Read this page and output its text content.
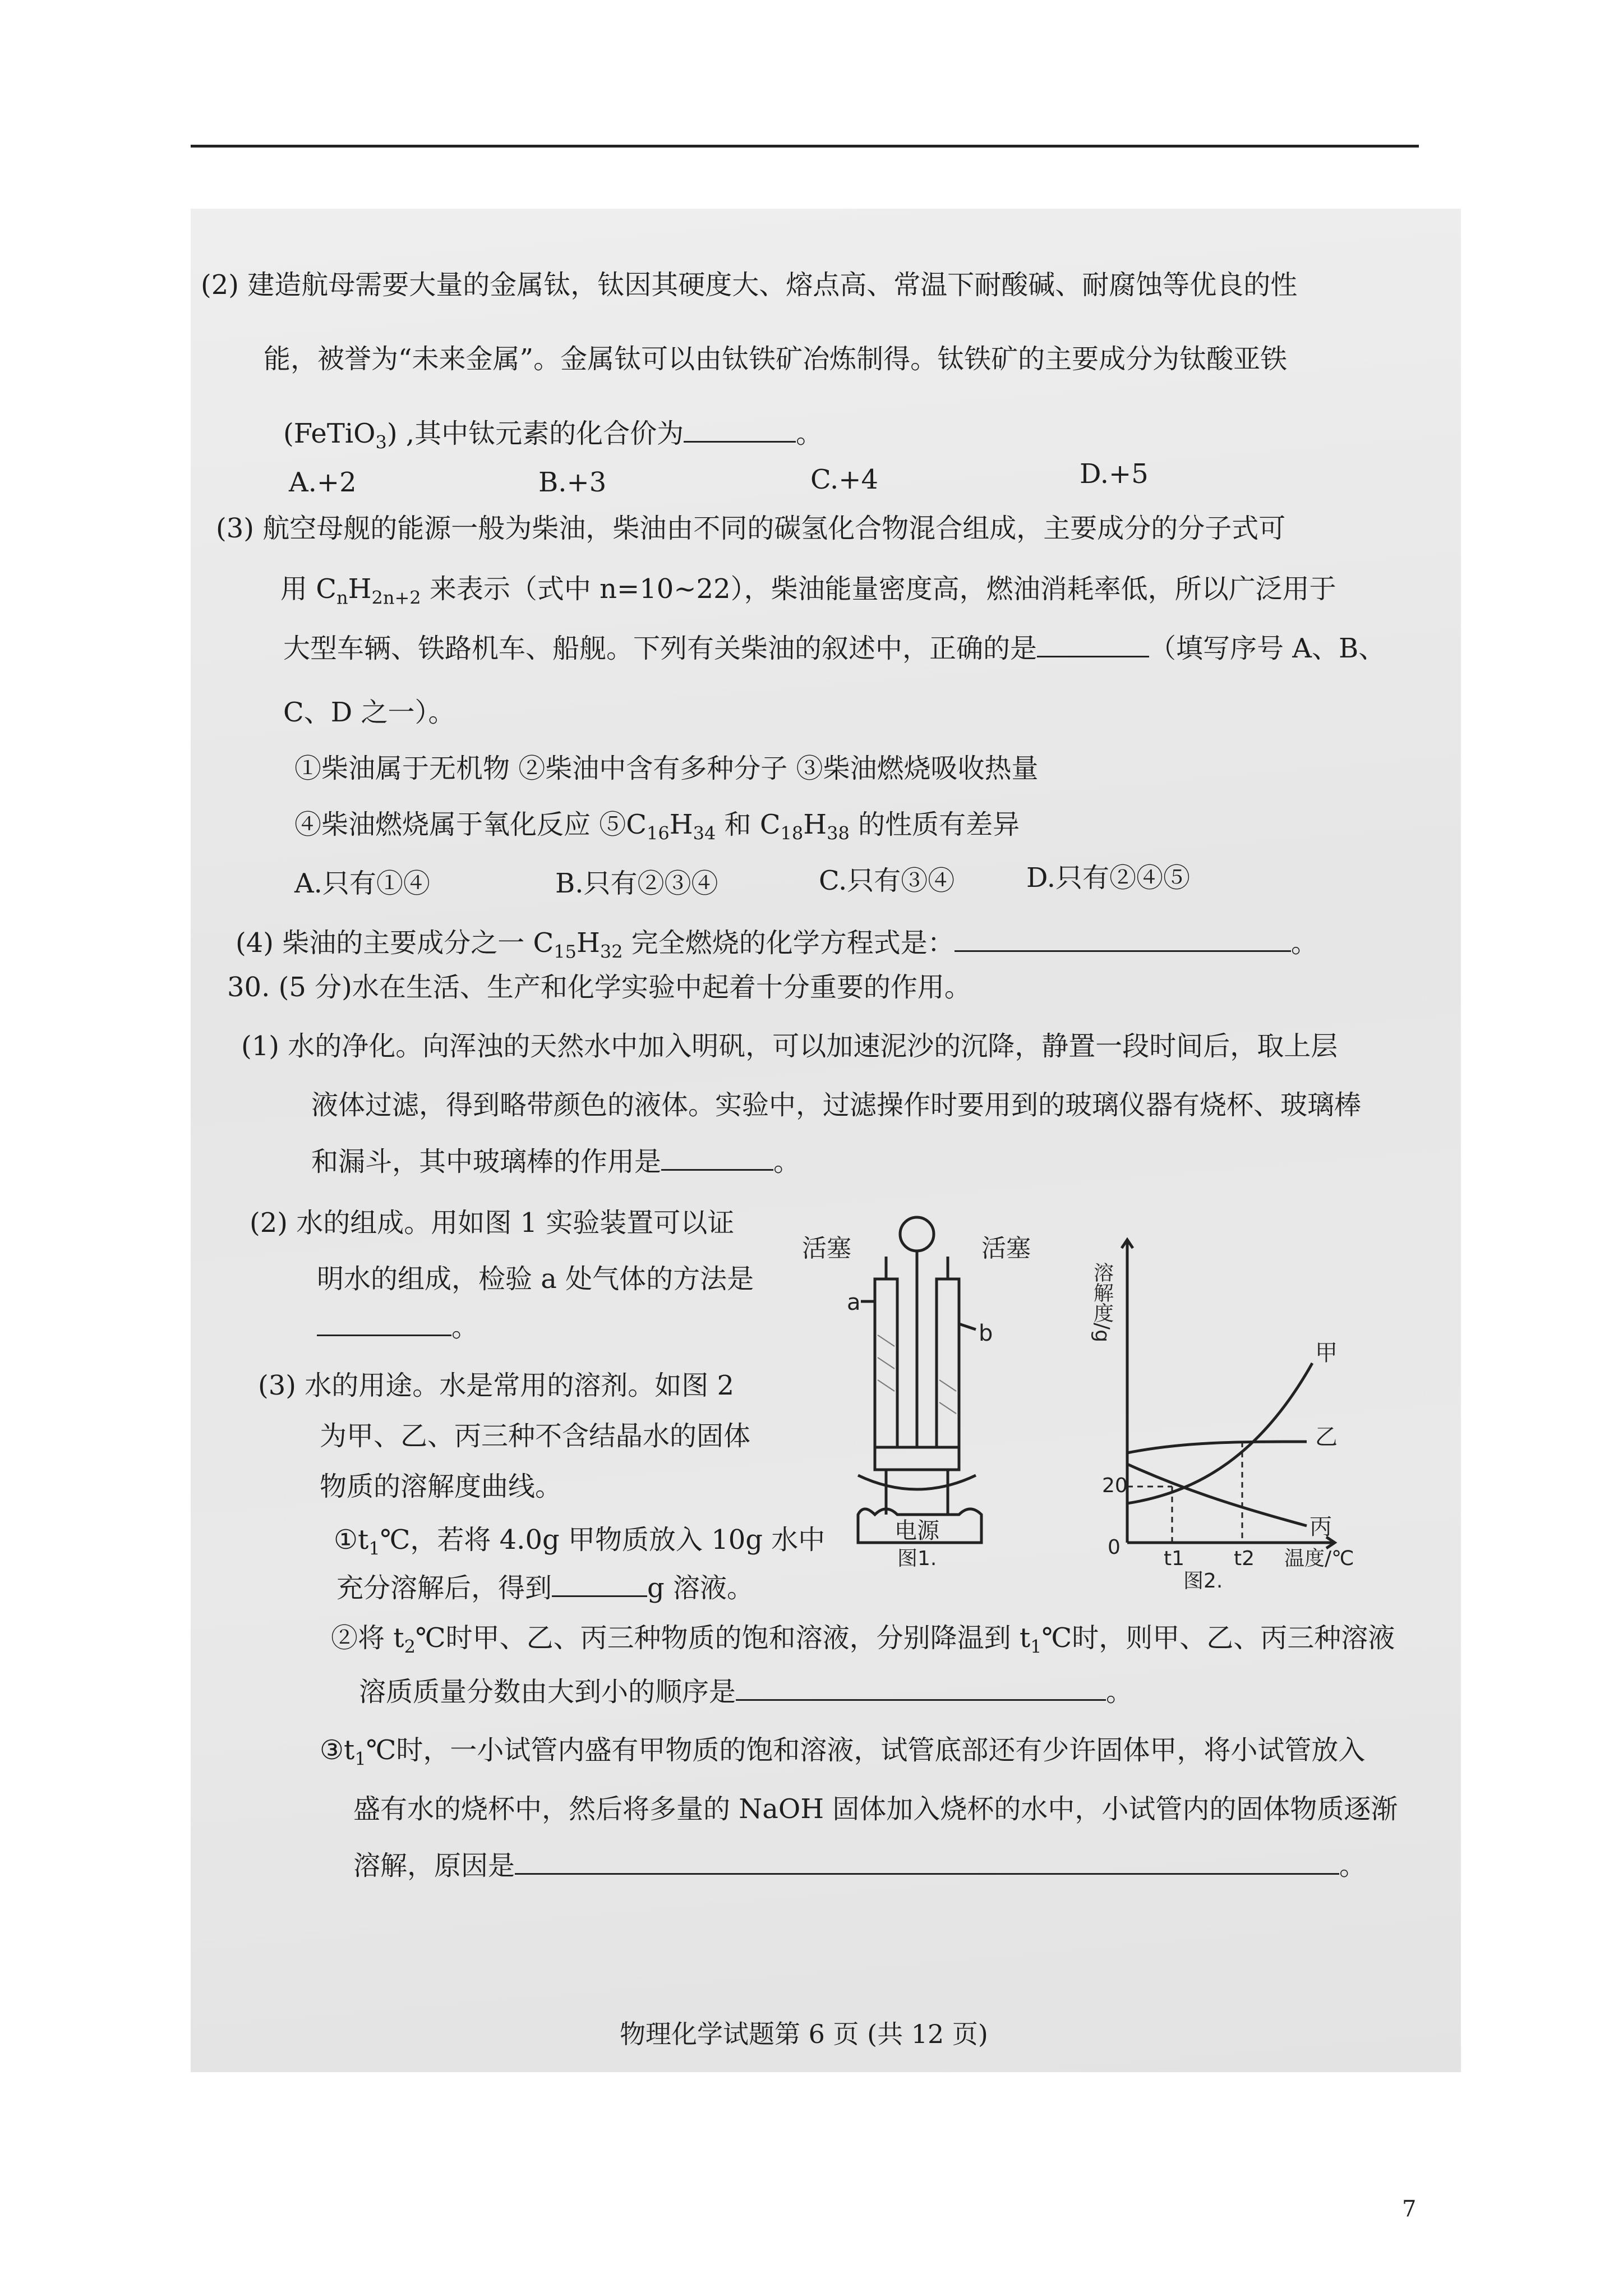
(2) 建造航母需要大量的金属钛，钛因其硬度大、熔点高、常温下耐酸碱、耐腐蚀等优良的性
能，被誉为“未来金属”。金属钛可以由钛铁矿冶炼制得。钛铁矿的主要成分为钛酸亚铁
(FeTiO$_3$) ,其中钛元素的化合价为	。
A.+2	B.+3	C.+4	D.+5
(3) 航空母舰的能源一般为柴油，柴油由不同的碳氢化合物混合组成，主要成分的分子式可
用 $C_nH_{2n+2}$ 来表示（式中 n=10~22），柴油能量密度高，燃油消耗率低，所以广泛用于
大型车辆、铁路机车、船舰。下列有关柴油的叙述中，正确的是	（填写序号 A、B、
C、D 之一）。
①柴油属于无机物 ②柴油中含有多种分子 ③柴油燃烧吸收热量
④柴油燃烧属于氧化反应 $⑤C_{16}H_{34}$ 和 $C_{18}H_{38}$ 的性质有差异
A.只有①④	B.只有②③④	C.只有③④	D.只有②④⑤
(4) 柴油的主要成分之一 $C_{15}H_{32}$ 完全燃烧的化学方程式是：	。
30. (5 分)水在生活、生产和化学实验中起着十分重要的作用。
(1) 水的净化。向浑浊的天然水中加入明矾，可以加速泥沙的沉降，静置一段时间后，取上层
液体过滤，得到略带颜色的液体。实验中，过滤操作时要用到的玻璃仪器有烧杯、玻璃棒
和漏斗，其中玻璃棒的作用是	。
(2) 水的组成。用如图 1 实验装置可以证
明水的组成，检验 a 处气体的方法是
。
(3) 水的用途。水是常用的溶剂。如图 2
为甲、乙、丙三种不含结晶水的固体
物质的溶解度曲线。
$①t_1℃$，若将 4.0g 甲物质放入 10g 水中
充分溶解后，得到	g 溶液。
②将 $t_2℃$时甲、乙、丙三种物质的饱和溶液，分别降温到 $t_1℃$时，则甲、乙、丙三种溶液
溶质质量分数由大到小的顺序是	。
$③t_1℃$时，一小试管内盛有甲物质的饱和溶液，试管底部还有少许固体甲，将小试管放入
盛有水的烧杯中，然后将多量的 NaOH 固体加入烧杯的水中，小试管内的固体物质逐渐
溶解，原因是	。
活塞	活塞
a
b
电源
图1.
溶解度/g
20
0 t1 t2 温度/℃
甲
乙
丙
图2.
物理化学试题第 6 页 (共 12 页)
7
